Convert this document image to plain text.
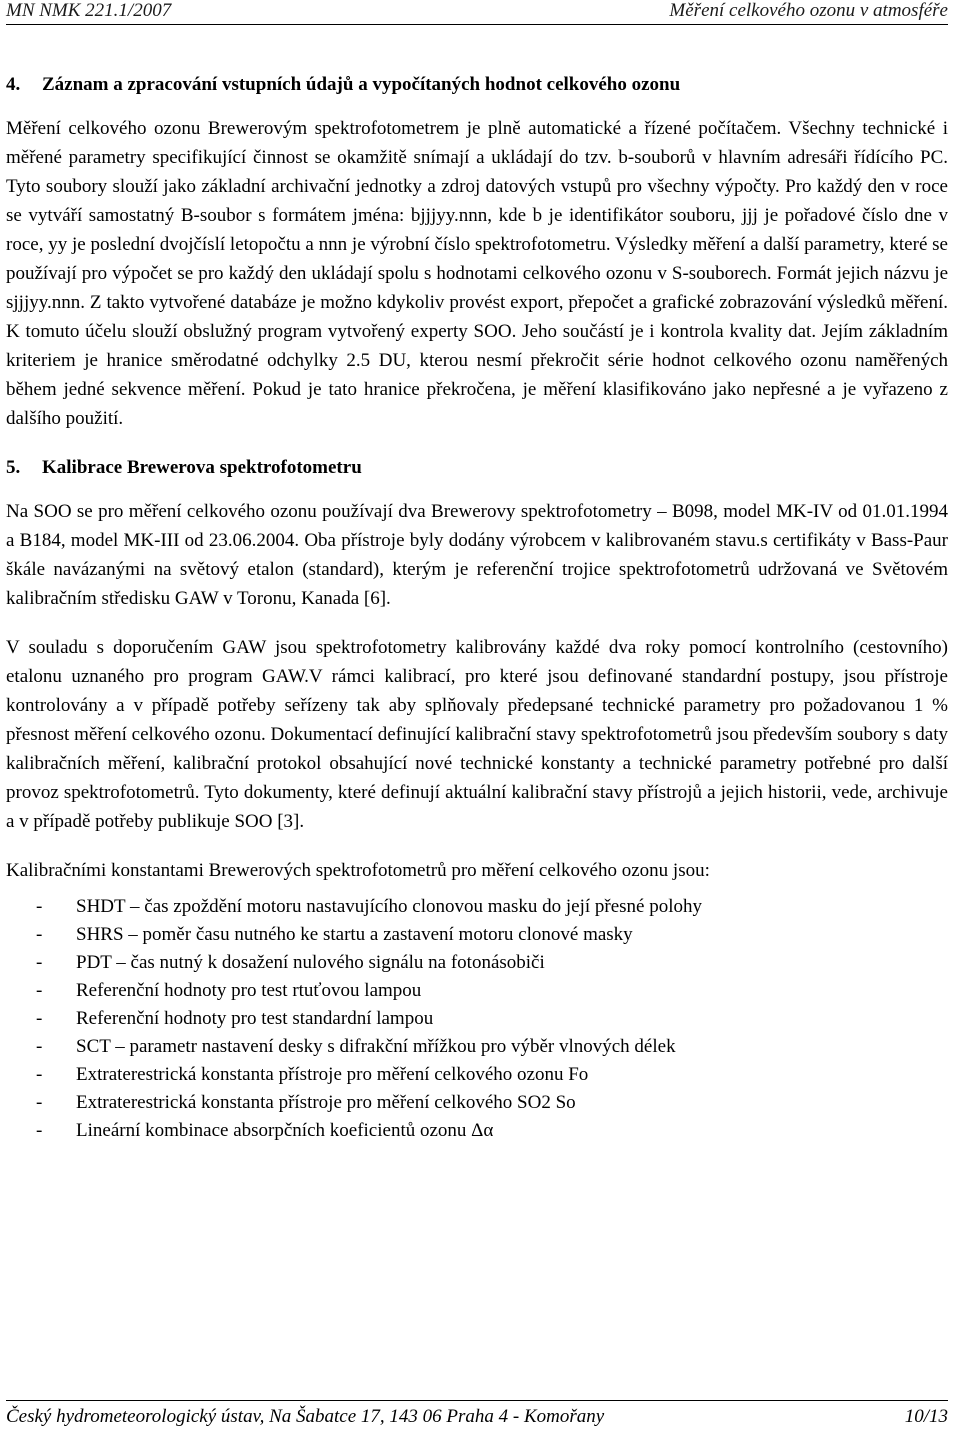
MN NMK 221.1/2007	Měření celkového ozonu v atmosféře
4.	Záznam a zpracování vstupních údajů a vypočítaných hodnot celkového ozonu

Měření celkového ozonu Brewerovým spektrofotometrem je plně automatické a řízené počítačem. Všechny technické i měřené parametry specifikující činnost se okamžitě snímají a ukládají do tzv. b-souborů v hlavním adresáři řídícího PC. Tyto soubory slouží jako základní archivační jednotky a zdroj datových vstupů pro všechny výpočty. Pro každý den v roce se vytváří samostatný B-soubor s formátem jména: bjjjyy.nnn, kde b je identifikátor souboru, jjj je pořadové číslo dne v roce, yy je poslední dvojčíslí letopočtu a nnn je výrobní číslo spektrofotometru. Výsledky měření a další parametry, které se používají pro výpočet se pro každý den ukládají spolu s hodnotami celkového ozonu v S-souborech. Formát jejich názvu je sjjjyy.nnn. Z takto vytvořené databáze je možno kdykoliv provést export, přepočet a grafické zobrazování výsledků měření. K tomuto účelu slouží obslužný program vytvořený experty SOO. Jeho součástí je i kontrola kvality dat. Jejím základním kriteriem je hranice směrodatné odchylky 2.5 DU, kterou nesmí překročit série hodnot celkového ozonu naměřených během jedné sekvence měření. Pokud je tato hranice překročena, je měření klasifikováno jako nepřesné a je vyřazeno z dalšího použití.

5.	Kalibrace Brewerova spektrofotometru

Na SOO se pro měření celkového ozonu používají dva Brewerovy spektrofotometry – B098, model MK-IV od 01.01.1994 a B184, model MK-III od 23.06.2004. Oba přístroje byly dodány výrobcem v kalibrovaném stavu.s certifikáty v Bass-Paur škále navázanými na světový etalon (standard), kterým je referenční trojice spektrofotometrů udržovaná ve Světovém kalibračním středisku GAW v Toronu, Kanada [6].

V souladu s doporučením GAW jsou spektrofotometry kalibrovány každé dva roky pomocí kontrolního (cestovního) etalonu uznaného pro program GAW.V rámci kalibrací, pro které jsou definované standardní postupy, jsou přístroje kontrolovány a v případě potřeby seřízeny tak aby splňovaly předepsané technické parametry pro požadovanou 1 % přesnost měření celkového ozonu. Dokumentací definující kalibrační stavy spektrofotometrů jsou především soubory s daty kalibračních měření, kalibrační protokol obsahující nové technické konstanty a technické parametry potřebné pro další provoz spektrofotometrů. Tyto dokumenty, které definují aktuální kalibrační stavy přístrojů a jejich historii, vede, archivuje a v případě potřeby publikuje SOO [3].

Kalibračními konstantami Brewerových spektrofotometrů pro měření celkového ozonu jsou:

-	SHDT – čas zpoždění motoru nastavujícího clonovou masku do její přesné polohy
-	SHRS – poměr času nutného ke startu a zastavení motoru clonové masky
-	PDT – čas nutný k dosažení nulového signálu na fotonásobiči
-	Referenční hodnoty pro test rtuťovou lampou
-	Referenční hodnoty pro test standardní lampou
-	SCT – parametr nastavení desky s difrakční mřížkou pro výběr vlnových délek
-	Extraterestrická konstanta přístroje pro měření celkového ozonu Fo
-	Extraterestrická konstanta přístroje pro měření celkového SO2 So
-	Lineární kombinace absorpčních koeficientů ozonu Δα
Český hydrometeorologický ústav, Na Šabatce 17, 143 06 Praha 4 - Komořany	10/13
